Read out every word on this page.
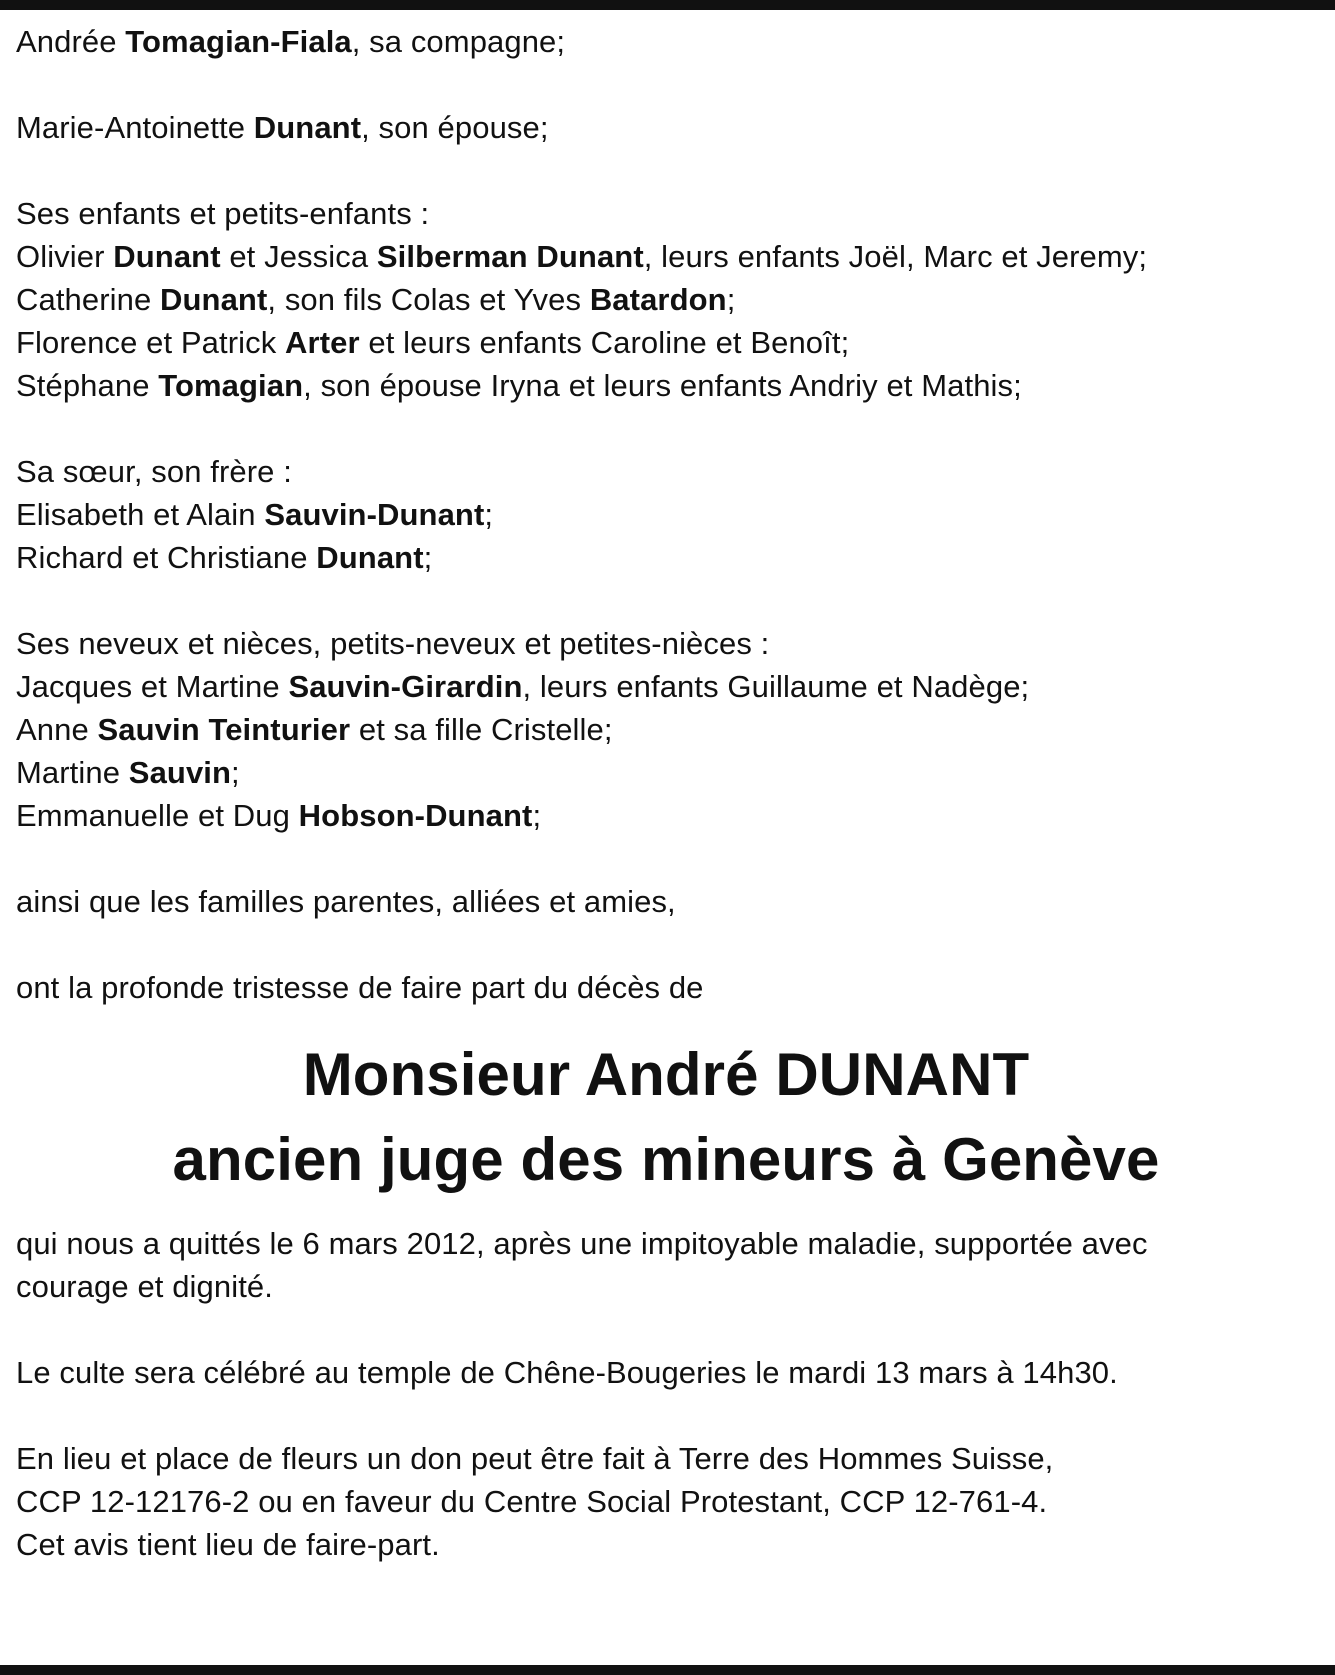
Andrée Tomagian-Fiala, sa compagne;
Marie-Antoinette Dunant, son épouse;
Ses enfants et petits-enfants :
Olivier Dunant et Jessica Silberman Dunant, leurs enfants Joël, Marc et Jeremy;
Catherine Dunant, son fils Colas et Yves Batardon;
Florence et Patrick Arter et leurs enfants Caroline et Benoît;
Stéphane Tomagian, son épouse Iryna et leurs enfants Andriy et Mathis;
Sa sœur, son frère :
Elisabeth et Alain Sauvin-Dunant;
Richard et Christiane Dunant;
Ses neveux et nièces, petits-neveux et petites-nièces :
Jacques et Martine Sauvin-Girardin, leurs enfants Guillaume et Nadège;
Anne Sauvin Teinturier et sa fille Cristelle;
Martine Sauvin;
Emmanuelle et Dug Hobson-Dunant;
ainsi que les familles parentes, alliées et amies,
ont la profonde tristesse de faire part du décès de
Monsieur André DUNANT
ancien juge des mineurs à Genève
qui nous a quittés le 6 mars 2012, après une impitoyable maladie, supportée avec
courage et dignité.
Le culte sera célébré au temple de Chêne-Bougeries le mardi 13 mars à 14h30.
En lieu et place de fleurs un don peut être fait à Terre des Hommes Suisse,
CCP 12-12176-2 ou en faveur du Centre Social Protestant, CCP 12-761-4.
Cet avis tient lieu de faire-part.
